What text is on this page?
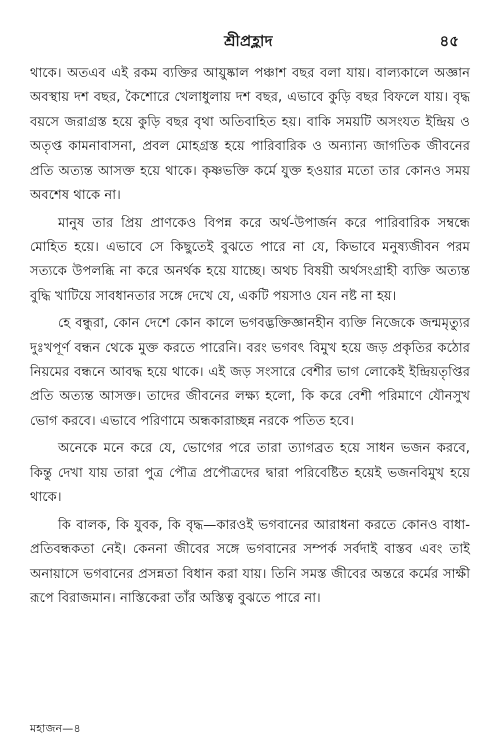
শ্রীপ্রহ্লাদ	৪৫

থাকে। অতএব এই রকম ব্যক্তির আয়ুষ্কাল পঞ্চাশ বছর বলা যায়। বাল্যকালে অজ্ঞান অবস্থায় দশ বছর, কৈশোরে খেলাধুলায় দশ বছর, এভাবে কুড়ি বছর বিফলে যায়। বৃদ্ধ বয়সে জরাগ্রস্ত হয়ে কুড়ি বছর বৃথা অতিবাহিত হয়। বাকি সময়টি অসংযত ইন্দ্রিয় ও অতৃপ্ত কামনাবাসনা, প্রবল মোহগ্রস্ত হয়ে পারিবারিক ও অন্যান্য জাগতিক জীবনের প্রতি অত্যন্ত আসক্ত হয়ে থাকে। কৃষ্ণভক্তি কর্মে যুক্ত হওয়ার মতো তার কোনও সময় অবশেষ থাকে না।

মানুষ তার প্রিয় প্রাণকেও বিপন্ন করে অর্থ-উপার্জন করে পারিবারিক সম্বন্ধে মোহিত হয়ে। এভাবে সে কিছুতেই বুঝতে পারে না যে, কিভাবে মনুষ্যজীবন পরম সত্যকে উপলব্ধি না করে অনর্থক হয়ে যাচ্ছে। অথচ বিষয়ী অর্থসংগ্রাহী ব্যক্তি অত্যন্ত বুদ্ধি খাটিয়ে সাবধানতার সঙ্গে দেখে যে, একটি পয়সাও যেন নষ্ট না হয়।

হে বন্ধুরা, কোন দেশে কোন কালে ভগবদ্ভক্তিজ্ঞানহীন ব্যক্তি নিজেকে জন্মমৃত্যুর দুঃখপূর্ণ বন্ধন থেকে মুক্ত করতে পারেনি। বরং ভগবৎ বিমুখ হয়ে জড় প্রকৃতির কঠোর নিয়মের বন্ধনে আবদ্ধ হয়ে থাকে। এই জড় সংসারে বেশীর ভাগ লোকেই ইন্দ্রিয়তৃপ্তির প্রতি অত্যন্ত আসক্ত। তাদের জীবনের লক্ষ্য হলো, কি করে বেশী পরিমাণে যৌনসুখ ভোগ করবে। এভাবে পরিণামে অন্ধকারাচ্ছন্ন নরকে পতিত হবে।

অনেকে মনে করে যে, ভোগের পরে তারা ত্যাগব্রত হয়ে সাধন ভজন করবে, কিন্তু দেখা যায় তারা পুত্র পৌত্র প্রপৌত্রদের দ্বারা পরিবেষ্টিত হয়েই ভজনবিমুখ হয়ে থাকে।

কি বালক, কি যুবক, কি বৃদ্ধ—কারওই ভগবানের আরাধনা করতে কোনও বাধা-প্রতিবন্ধকতা নেই। কেননা জীবের সঙ্গে ভগবানের সম্পর্ক সর্বদাই বাস্তব এবং তাই অনায়াসে ভগবানের প্রসন্নতা বিধান করা যায়। তিনি সমস্ত জীবের অন্তরে কর্মের সাক্ষী রূপে বিরাজমান। নাস্তিকেরা তাঁর অস্তিত্ব বুঝতে পারে না।

মহাজন—৪
